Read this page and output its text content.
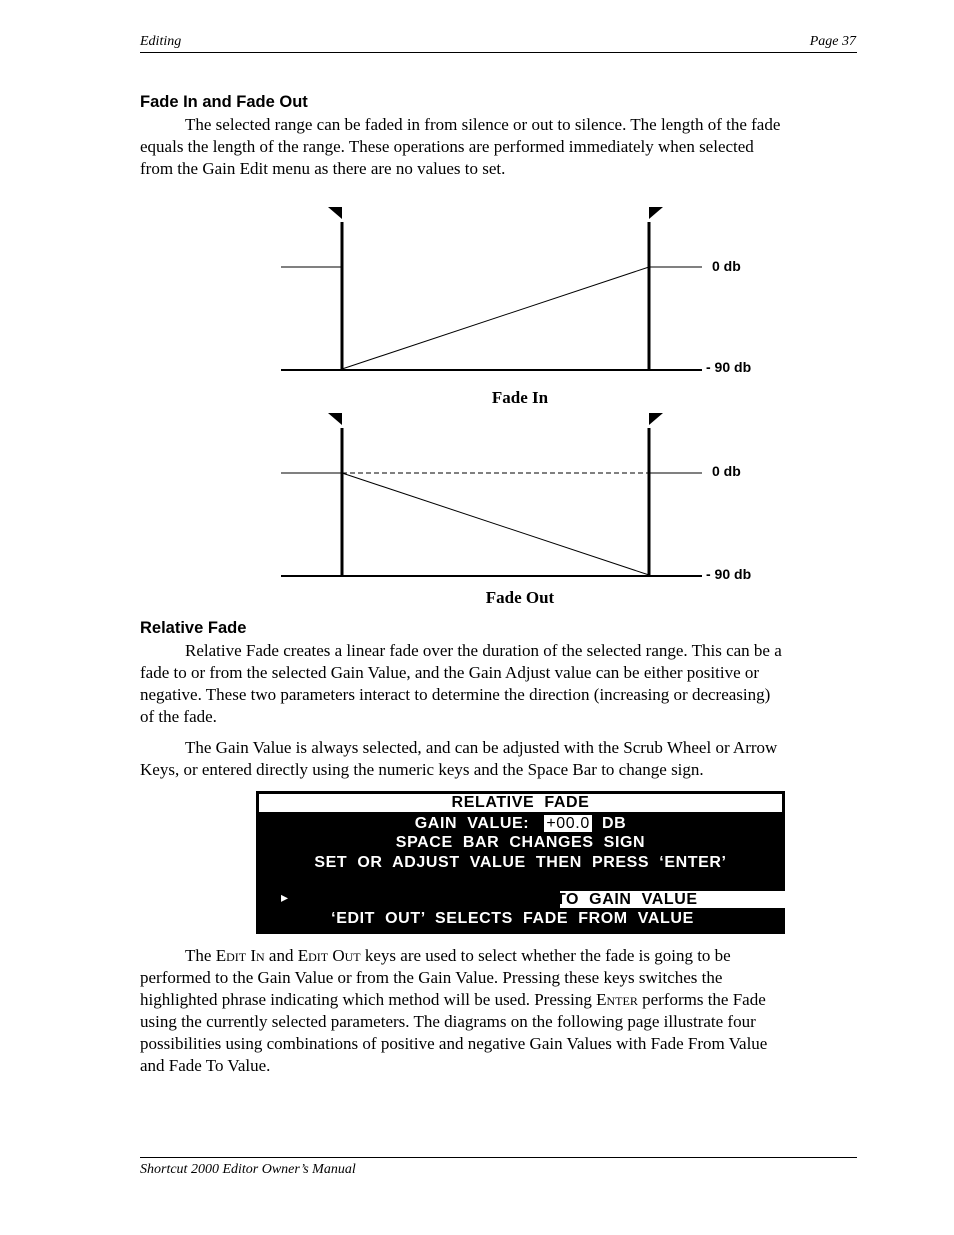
Editing	Page 37
Fade In and Fade Out
The selected range can be faded in from silence or out to silence. The length of the fade
equals the length of the range. These operations are performed immediately when selected
from the Gain Edit menu as there are no values to set.
0 db
- 90 db
Fade In
0 db
- 90 db
Fade Out
Relative Fade
Relative Fade creates a linear fade over the duration of the selected range. This can be a
fade to or from the selected Gain Value, and the Gain Adjust value can be either positive or
negative. These two parameters interact to determine the direction (increasing or decreasing)
of the fade.
The Gain Value is always selected, and can be adjusted with the Scrub Wheel or Arrow
Keys, or entered directly using the numeric keys and the Space Bar to change sign.
RELATIVE  FADE
GAIN  VALUE: +00.0 DB
SPACE  BAR  CHANGES  SIGN
SET  OR  ADJUST  VALUE  THEN  PRESS  ‘ENTER’
▸	‘EDIT  IN’  SELECTS  FADE  TO  GAIN  VALUE
‘EDIT  OUT’  SELECTS  FADE  FROM  VALUE
The Edit In and Edit Out keys are used to select whether the fade is going to be
performed to the Gain Value or from the Gain Value. Pressing these keys switches the
highlighted phrase indicating which method will be used. Pressing Enter performs the Fade
using the currently selected parameters. The diagrams on the following page illustrate four
possibilities using combinations of positive and negative Gain Values with Fade From Value
and Fade To Value.
Shortcut 2000 Editor Owner’s Manual
